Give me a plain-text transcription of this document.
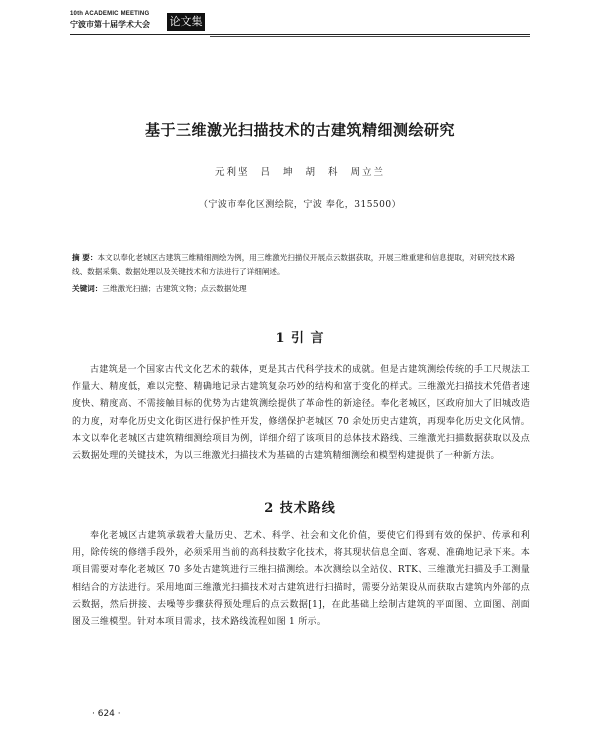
10th ACADEMIC MEETING
宁波市第十届学术大会 论文集
基于三维激光扫描技术的古建筑精细测绘研究
元利坚 吕 坤 胡 科 周立兰
（宁波市奉化区测绘院，宁波 奉化，315500）
摘 要：本文以奉化老城区古建筑三维精细测绘为例，用三维激光扫描仪开展点云数据获取，开展三维重建和信息提取，对研究技术路线、数据采集、数据处理以及关键技术和方法进行了详细阐述。
关键词：三维激光扫描；古建筑文物；点云数据处理
1 引 言
古建筑是一个国家古代文化艺术的载体，更是其古代科学技术的成就。但是古建筑测绘传统的手工尺规法工作量大、精度低，难以完整、精确地记录古建筑复杂巧妙的结构和富于变化的样式。三维激光扫描技术凭借者速度快、精度高、不需接触目标的优势为古建筑测绘提供了革命性的新途径。奉化老城区，区政府加大了旧城改造的力度，对奉化历史文化街区进行保护性开发，修缮保护老城区 70 余处历史古建筑，再现奉化历史文化风情。本文以奉化老城区古建筑精细测绘项目为例，详细介绍了该项目的总体技术路线、三维激光扫描数据获取以及点云数据处理的关键技术，为以三维激光扫描技术为基础的古建筑精细测绘和模型构建提供了一种新方法。
2 技术路线
奉化老城区古建筑承载着大量历史、艺术、科学、社会和文化价值，要使它们得到有效的保护、传承和利用，除传统的修缮手段外，必须采用当前的高科技数字化技术，将其现状信息全面、客观、准确地记录下来。本项目需要对奉化老城区 70 多处古建筑进行三维扫描测绘。本次测绘以全站仪、RTK、三维激光扫描及手工测量相结合的方法进行。采用地面三维激光扫描技术对古建筑进行扫描时，需要分站架设从而获取古建筑内外部的点云数据，然后拼接、去噪等步骤获得预处理后的点云数据[1]，在此基础上绘制古建筑的平面图、立面图、剖面图及三维模型。针对本项目需求，技术路线流程如图 1 所示。
· 624 ·
